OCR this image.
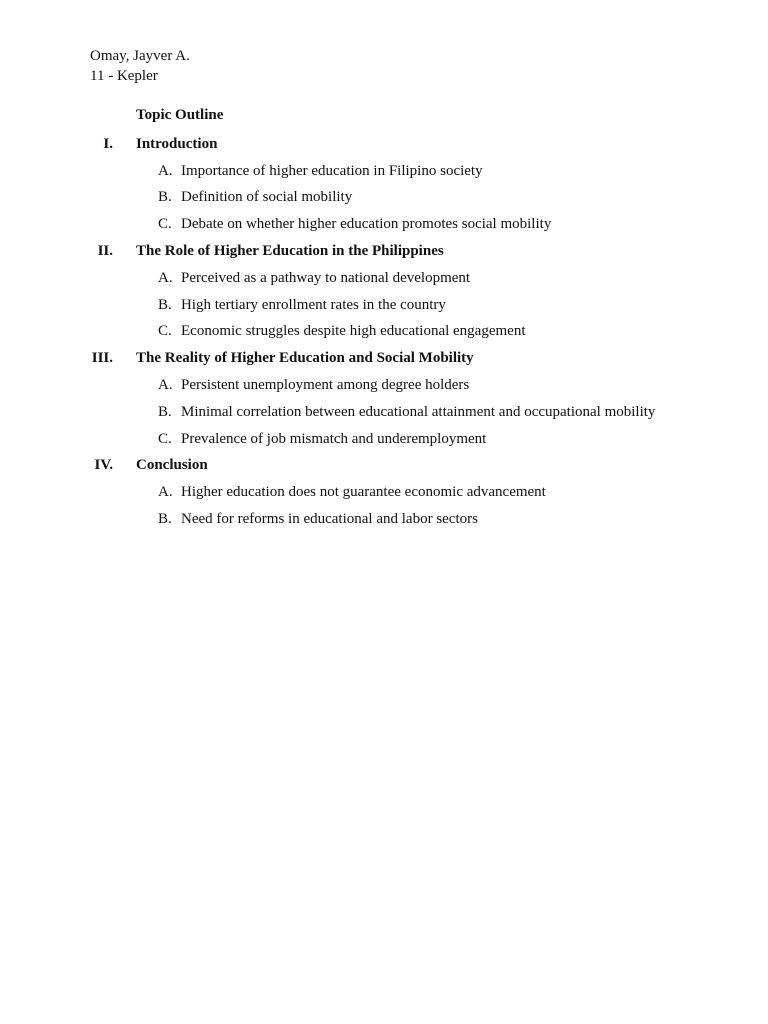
Omay, Jayver A.
11 - Kepler
Topic Outline
I. Introduction
A. Importance of higher education in Filipino society
B. Definition of social mobility
C. Debate on whether higher education promotes social mobility
II. The Role of Higher Education in the Philippines
A. Perceived as a pathway to national development
B. High tertiary enrollment rates in the country
C. Economic struggles despite high educational engagement
III. The Reality of Higher Education and Social Mobility
A. Persistent unemployment among degree holders
B. Minimal correlation between educational attainment and occupational mobility
C. Prevalence of job mismatch and underemployment
IV. Conclusion
A. Higher education does not guarantee economic advancement
B. Need for reforms in educational and labor sectors
